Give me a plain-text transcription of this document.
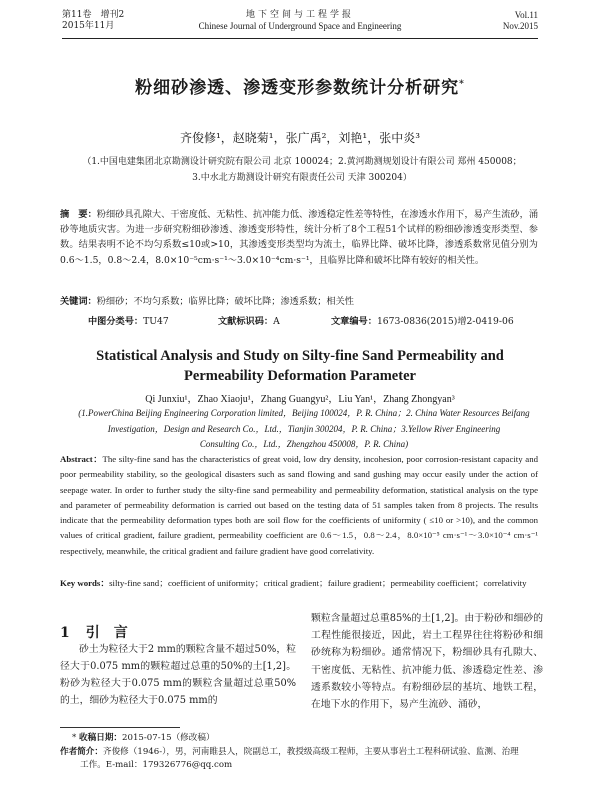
第11卷　增刊2
2015年11月
地下空间与工程学报
Chinese Journal of Underground Space and Engineering
Vol.11
Nov.2015
粉细砂渗透、渗透变形参数统计分析研究*
齐俊修¹，赵晓菊¹，张广禹²，刘艳¹，张中炎³
（1.中国电建集团北京勘测设计研究院有限公司 北京 100024；2.黄河勘测规划设计有限公司 郑州 450008；
3.中水北方勘测设计研究有限责任公司 天津 300204）
摘　要：粉细砂具孔隙大、干密度低、无粘性、抗冲能力低、渗透稳定性差等特性，在渗透水作用下，易产生流砂，涌砂等地质灾害。为进一步研究粉细砂渗透、渗透变形特性，统计分析了8个工程51个试样的粉细砂渗透变形类型、参数。结果表明不论不均匀系数≤10或>10，其渗透变形类型均为流土，临界比降、破坏比降，渗透系数常见值分别为0.6～1.5，0.8～2.4，8.0×10⁻⁵cm·s⁻¹～3.0×10⁻⁴cm·s⁻¹，且临界比降和破坏比降有较好的相关性。
关键词：粉细砂；不均匀系数；临界比降；破坏比降；渗透系数；相关性
中图分类号：TU47	文献标识码：A	文章编号：1673-0836(2015)增2-0419-06
Statistical Analysis and Study on Silty-fine Sand Permeability and
Permeability Deformation Parameter
Qi Junxiu¹，Zhao Xiaoju¹，Zhang Guangyu²，Liu Yan¹，Zhang Zhongyan³
(1.PowerChina Beijing Engineering Corporation limited，Beijing 100024，P. R. China；2. China Water Resources Beifang
Investigation，Design and Research Co.，Ltd.，Tianjin 300204，P. R. China；3.Yellow River Engineering
Consulting Co.，Ltd.，Zhengzhou 450008，P. R. China)
Abstract：The silty-fine sand has the characteristics of great void, low dry density, incohesion, poor corrosion-resistant capacity and poor permeability stability, so the geological disasters such as sand flowing and sand gushing may occur easily under the action of seepage water. In order to further study the silty-fine sand permeability and permeability deformation, statistical analysis on the type and parameter of permeability deformation is carried out based on the testing data of 51 samples taken from 8 projects. The results indicate that the permeability deformation types both are soil flow for the coefficients of uniformity ( ≤10 or >10), and the common values of critical gradient, failure gradient, permeability coefficient are 0.6～1.5，0.8～2.4，8.0×10⁻⁵ cm·s⁻¹～3.0×10⁻⁴ cm·s⁻¹ respectively, meanwhile, the critical gradient and failure gradient have good correlativity.
Key words：silty-fine sand；coefficient of uniformity；critical gradient；failure gradient；permeability coefficient；correlativity
1 引　言
砂土为粒径大于2 mm的颗粒含量不超过50%，粒径大于0.075 mm的颗粒超过总重的50%的土[1,2]。粉砂为粒径大于0.075 mm的颗粒含量超过总重50%的土，细砂为粒径大于0.075 mm的
颗粒含量超过总重85%的土[1,2]。由于粉砂和细砂的工程性能很接近，因此，岩土工程界往往将粉砂和细砂统称为粉细砂。通常情况下，粉细砂具有孔隙大、干密度低、无粘性、抗冲能力低、渗透稳定性差、渗透系数较小等特点。有粉细砂层的基坑、地铁工程，在地下水的作用下，易产生流砂、涌砂，
* 收稿日期：2015-07-15（修改稿）
作者简介：齐俊修（1946-），男，河南睢县人，院副总工，教授级高级工程师，主要从事岩土工程科研试验、监测、治理
工作。E-mail：179326776@qq.com
